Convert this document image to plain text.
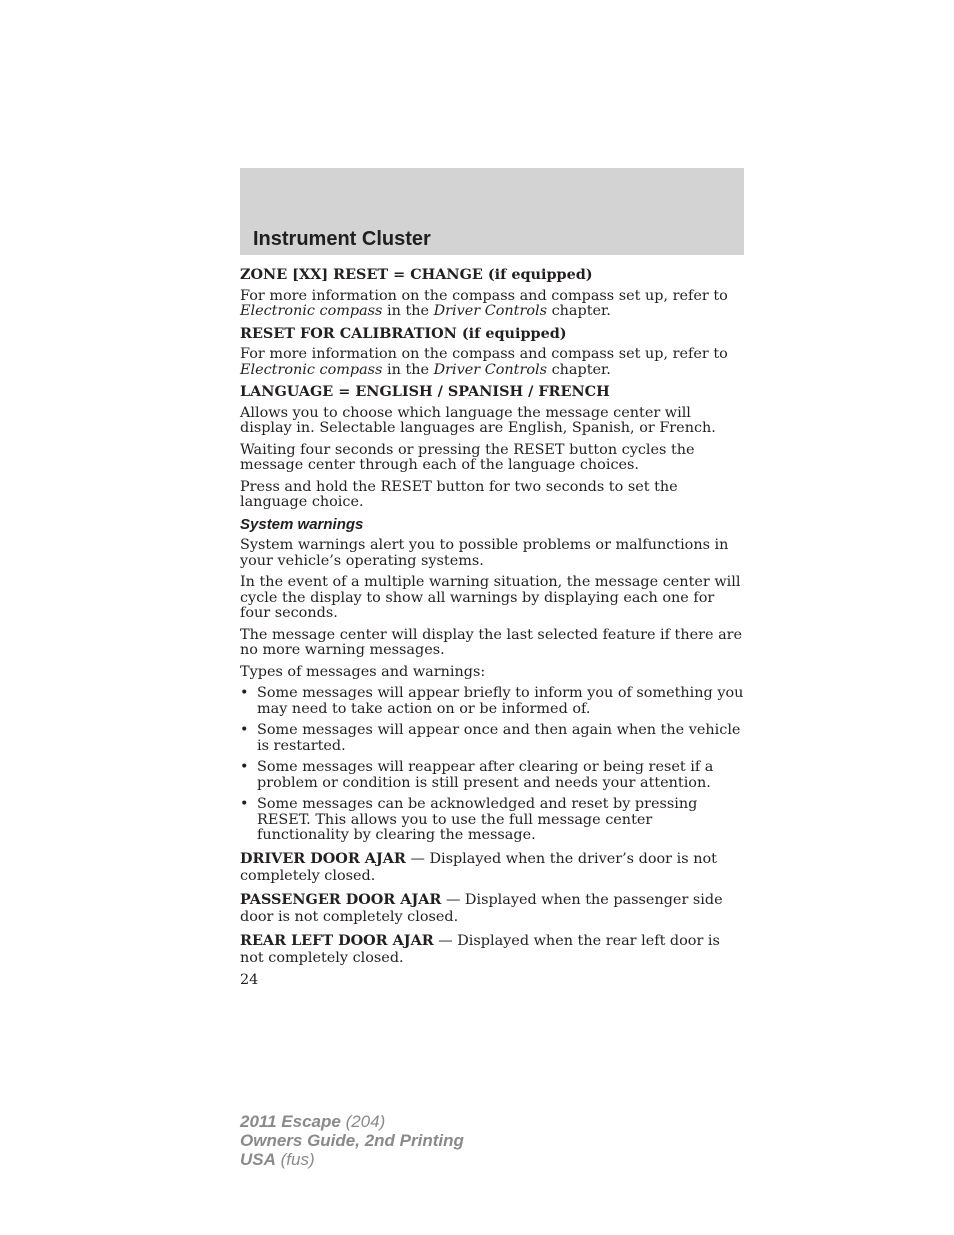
Instrument Cluster

ZONE [XX] RESET = CHANGE (if equipped)

For more information on the compass and compass set up, refer to Electronic compass in the Driver Controls chapter.

RESET FOR CALIBRATION (if equipped)

For more information on the compass and compass set up, refer to Electronic compass in the Driver Controls chapter.

LANGUAGE = ENGLISH / SPANISH / FRENCH

Allows you to choose which language the message center will display in. Selectable languages are English, Spanish, or French.

Waiting four seconds or pressing the RESET button cycles the message center through each of the language choices.

Press and hold the RESET button for two seconds to set the language choice.

System warnings

System warnings alert you to possible problems or malfunctions in your vehicle’s operating systems.

In the event of a multiple warning situation, the message center will cycle the display to show all warnings by displaying each one for four seconds.

The message center will display the last selected feature if there are no more warning messages.

Types of messages and warnings:

• Some messages will appear briefly to inform you of something you may need to take action on or be informed of.
• Some messages will appear once and then again when the vehicle is restarted.
• Some messages will reappear after clearing or being reset if a problem or condition is still present and needs your attention.
• Some messages can be acknowledged and reset by pressing RESET. This allows you to use the full message center functionality by clearing the message.

DRIVER DOOR AJAR — Displayed when the driver’s door is not completely closed.

PASSENGER DOOR AJAR — Displayed when the passenger side door is not completely closed.

REAR LEFT DOOR AJAR — Displayed when the rear left door is not completely closed.

24

2011 Escape (204)
Owners Guide, 2nd Printing
USA (fus)
